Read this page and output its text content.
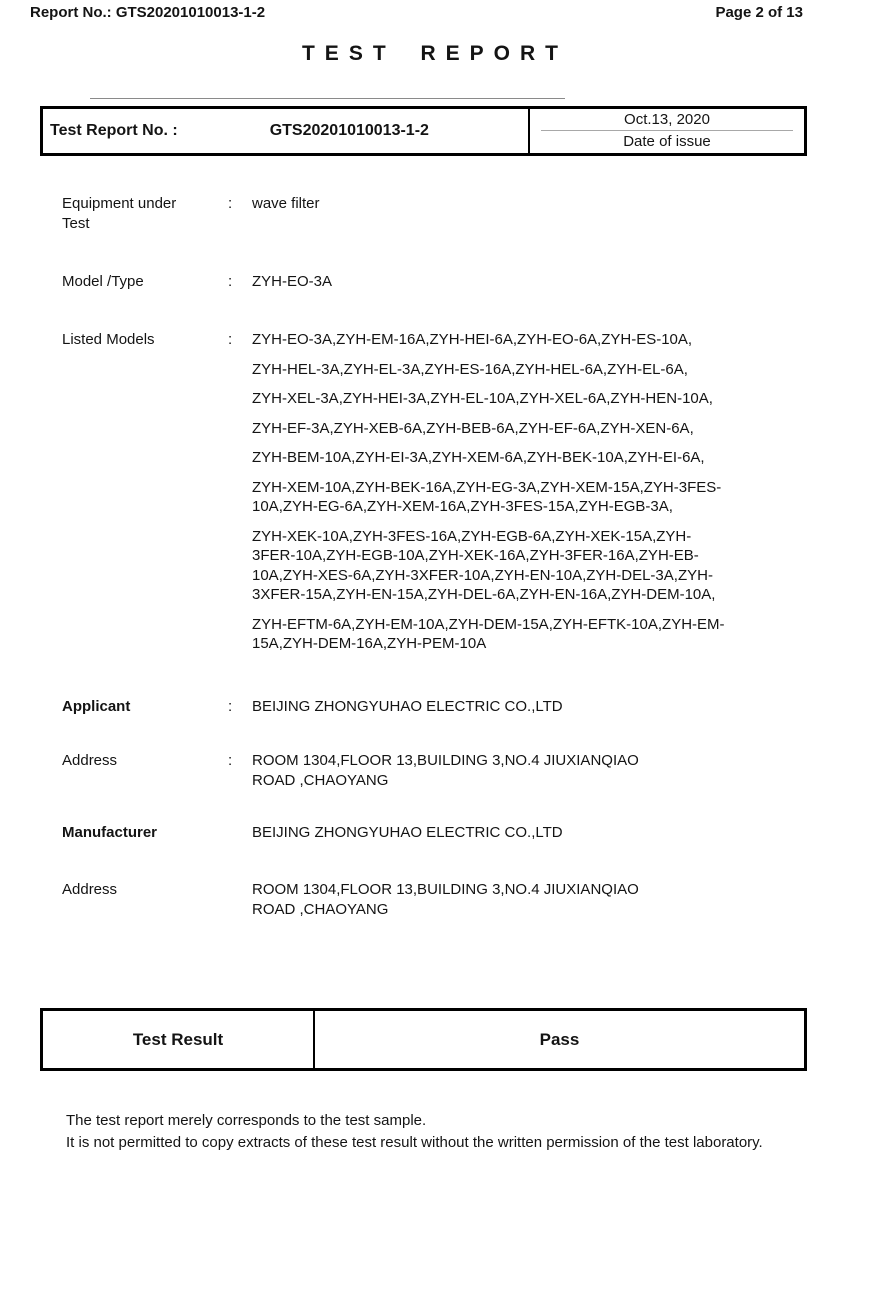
Report No.: GTS20201010013-1-2	Page 2 of 13
TEST REPORT
Test Report No. :	GTS20201010013-1-2
Oct.13, 2020
Date of issue
Equipment under Test
:	wave filter
Model /Type	:	ZYH-EO-3A
Listed Models	:	ZYH-EO-3A,ZYH-EM-16A,ZYH-HEI-6A,ZYH-EO-6A,ZYH-ES-10A,
ZYH-HEL-3A,ZYH-EL-3A,ZYH-ES-16A,ZYH-HEL-6A,ZYH-EL-6A,
ZYH-XEL-3A,ZYH-HEI-3A,ZYH-EL-10A,ZYH-XEL-6A,ZYH-HEN-10A,
ZYH-EF-3A,ZYH-XEB-6A,ZYH-BEB-6A,ZYH-EF-6A,ZYH-XEN-6A,
ZYH-BEM-10A,ZYH-EI-3A,ZYH-XEM-6A,ZYH-BEK-10A,ZYH-EI-6A,
ZYH-XEM-10A,ZYH-BEK-16A,ZYH-EG-3A,ZYH-XEM-15A,ZYH-3FES-
10A,ZYH-EG-6A,ZYH-XEM-16A,ZYH-3FES-15A,ZYH-EGB-3A,
ZYH-XEK-10A,ZYH-3FES-16A,ZYH-EGB-6A,ZYH-XEK-15A,ZYH-
3FER-10A,ZYH-EGB-10A,ZYH-XEK-16A,ZYH-3FER-16A,ZYH-EB-
10A,ZYH-XES-6A,ZYH-3XFER-10A,ZYH-EN-10A,ZYH-DEL-3A,ZYH-
3XFER-15A,ZYH-EN-15A,ZYH-DEL-6A,ZYH-EN-16A,ZYH-DEM-10A,
ZYH-EFTM-6A,ZYH-EM-10A,ZYH-DEM-15A,ZYH-EFTK-10A,ZYH-EM-
15A,ZYH-DEM-16A,ZYH-PEM-10A
Applicant	:	BEIJING ZHONGYUHAO ELECTRIC CO.,LTD
Address	:	ROOM 1304,FLOOR 13,BUILDING 3,NO.4 JIUXIANQIAO
ROAD ,CHAOYANG
Manufacturer	BEIJING ZHONGYUHAO ELECTRIC CO.,LTD
Address	ROOM 1304,FLOOR 13,BUILDING 3,NO.4 JIUXIANQIAO
ROAD ,CHAOYANG
Test Result	Pass
The test report merely corresponds to the test sample.
It is not permitted to copy extracts of these test result without the written permission of the test laboratory.
